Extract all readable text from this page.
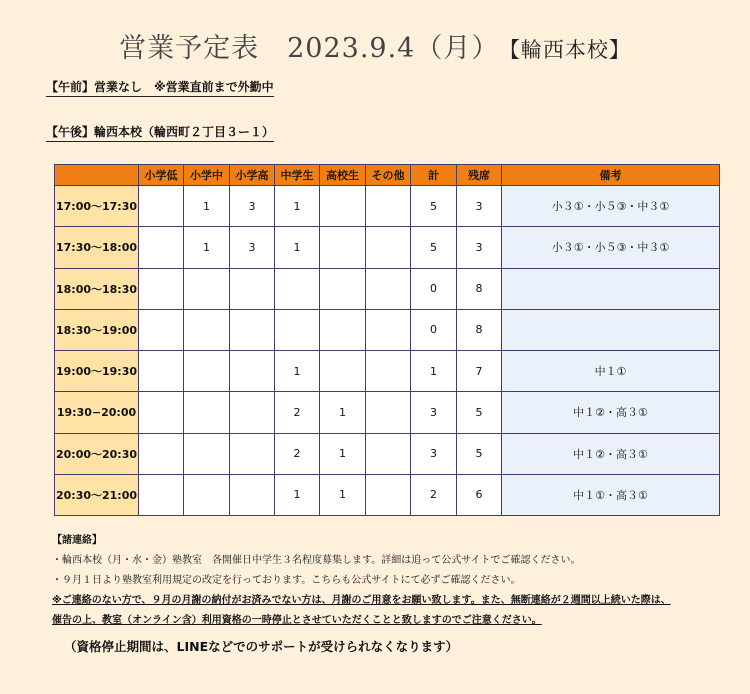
営業予定表　2023.9.4（月） 【輪西本校】
【午前】営業なし　※営業直前まで外勤中
【午後】輪西本校（輪西町２丁目３ー１）
	小学低	小学中	小学高	中学生	高校生	その他	計	残席	備考
17:00〜17:30		1	3	1			5	3	小３①・小５③・中３①
17:30〜18:00		1	3	1			5	3	小３①・小５③・中３①
18:00〜18:30							0	8	
18:30〜19:00							0	8	
19:00〜19:30				1			1	7	中１①
19:30−20:00				2	1		3	5	中１②・高３①
20:00〜20:30				2	1		3	5	中１②・高３①
20:30〜21:00				1	1		2	6	中１①・高３①
【諸連絡】
・輪西本校（月・水・金）塾教室　各開催日中学生３名程度募集します。詳細は追って公式サイトでご確認ください。
・９月１日より塾教室利用規定の改定を行っております。こちらも公式サイトにて必ずご確認ください。
※ご連絡のない方で、９月の月謝の納付がお済みでない方は、月謝のご用意をお願い致します。また、無断連絡が２週間以上続いた際は、
催告の上、教室（オンライン含）利用資格の一時停止とさせていただくことと致しますのでご注意ください。
（資格停止期間は、LINEなどでのサポートが受けられなくなります）
